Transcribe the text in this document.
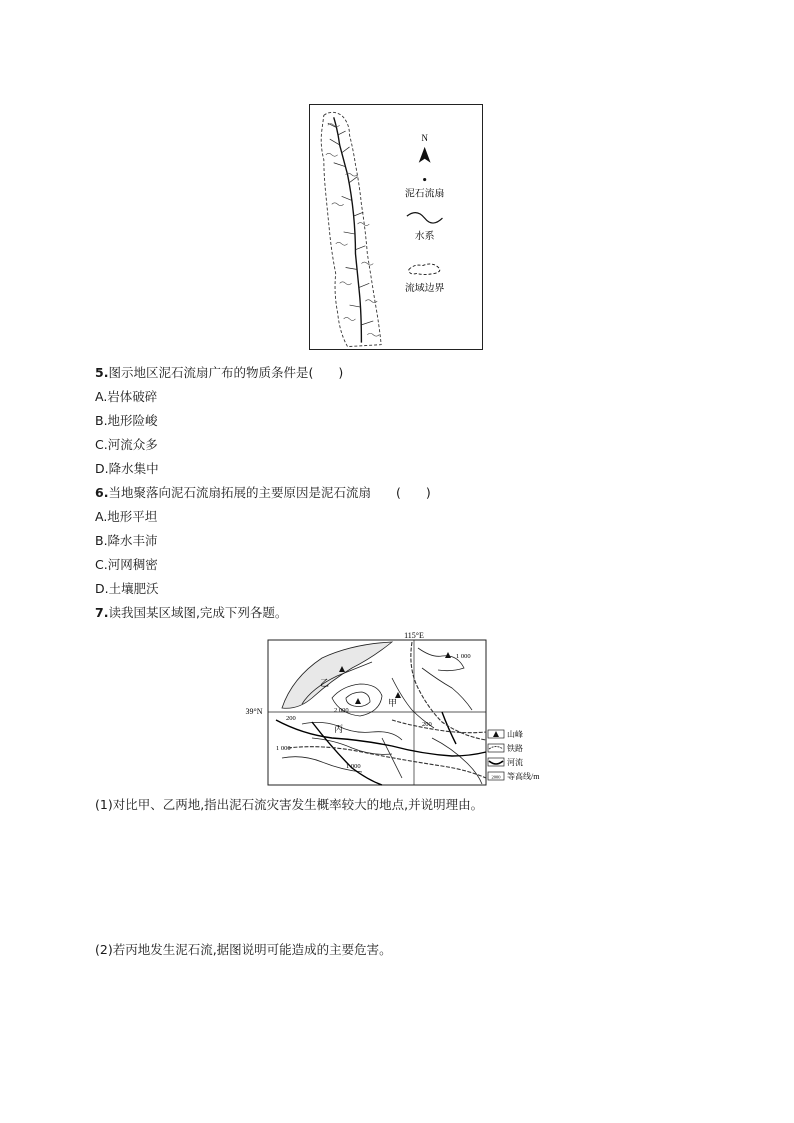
N
泥石流扇
水系
流域边界
5.图示地区泥石流扇广布的物质条件是(　　)
A.岩体破碎
B.地形险峻
C.河流众多
D.降水集中
6.当地聚落向泥石流扇拓展的主要原因是泥石流扇　　(　　)
A.地形平坦
B.降水丰沛
C.河网稠密
D.土壤肥沃
7.读我国某区域图,完成下列各题。
115°E
39°N
乙
甲
丙
1 000
2 000
200
200
1 000
1 000
山峰
铁路
河流
2000 等高线/m
(1)对比甲、乙两地,指出泥石流灾害发生概率较大的地点,并说明理由。
(2)若丙地发生泥石流,据图说明可能造成的主要危害。
